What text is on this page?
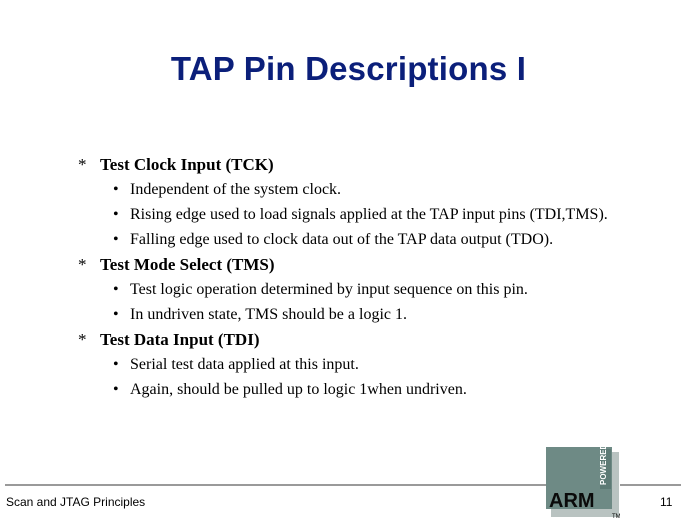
TAP Pin Descriptions I
* Test Clock Input (TCK)
• Independent of the system clock.
• Rising edge used to load signals applied at the TAP input pins (TDI,TMS).
• Falling edge used to clock data out of the TAP data output (TDO).
* Test Mode Select (TMS)
• Test logic operation determined by input sequence on this pin.
• In undriven state, TMS should be a logic 1.
* Test Data Input (TDI)
• Serial test data applied at this input.
• Again, should be pulled up to logic 1when undriven.
POWERED
ARM
TM
Scan and JTAG Principles	11
